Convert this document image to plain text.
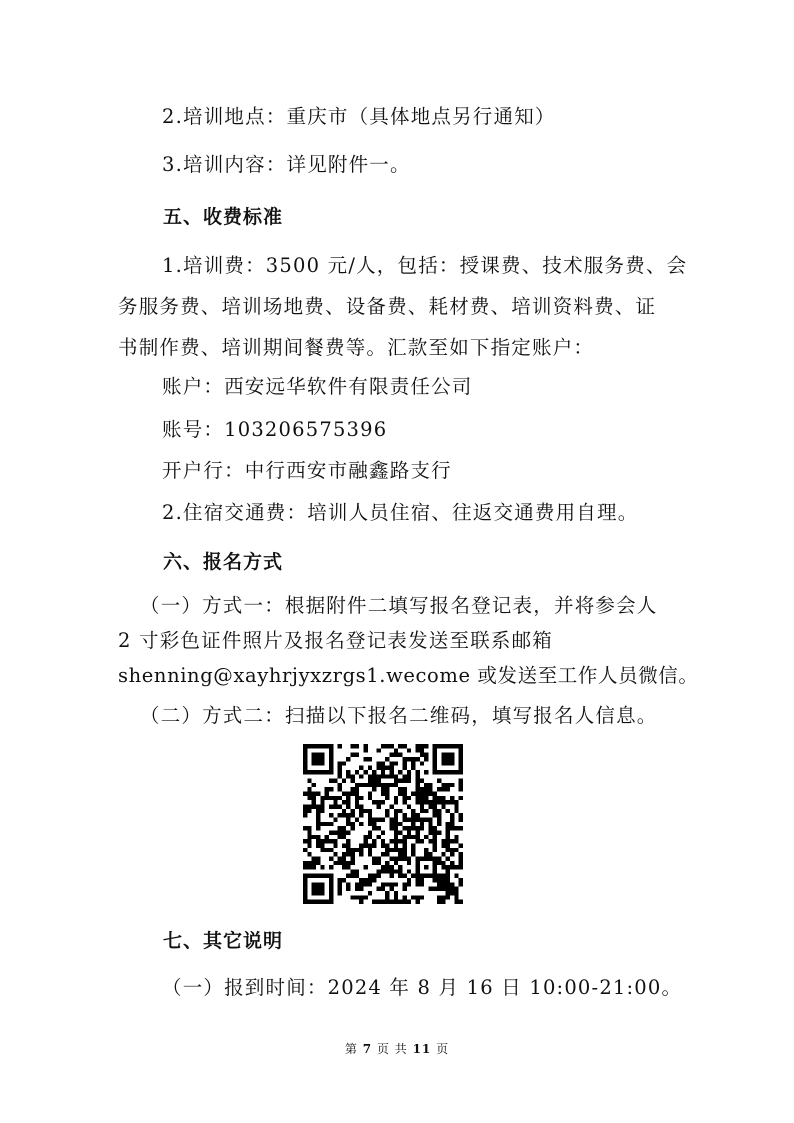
2.培训地点：重庆市（具体地点另行通知）
3.培训内容：详见附件一。
五、收费标准
1.培训费：3500 元/人，包括：授课费、技术服务费、会
务服务费、培训场地费、设备费、耗材费、培训资料费、证
书制作费、培训期间餐费等。汇款至如下指定账户：
账户：西安远华软件有限责任公司
账号：103206575396
开户行：中行西安市融鑫路支行
2.住宿交通费：培训人员住宿、往返交通费用自理。
六、报名方式
（一）方式一：根据附件二填写报名登记表，并将参会人
2 寸彩色证件照片及报名登记表发送至联系邮箱
shenning@xayhrjyxzrgs1.wecome 或发送至工作人员微信。
（二）方式二：扫描以下报名二维码，填写报名人信息。
七、其它说明
（一）报到时间：2024 年 8 月 16 日 10:00-21:00。
第 7 页 共 11 页
